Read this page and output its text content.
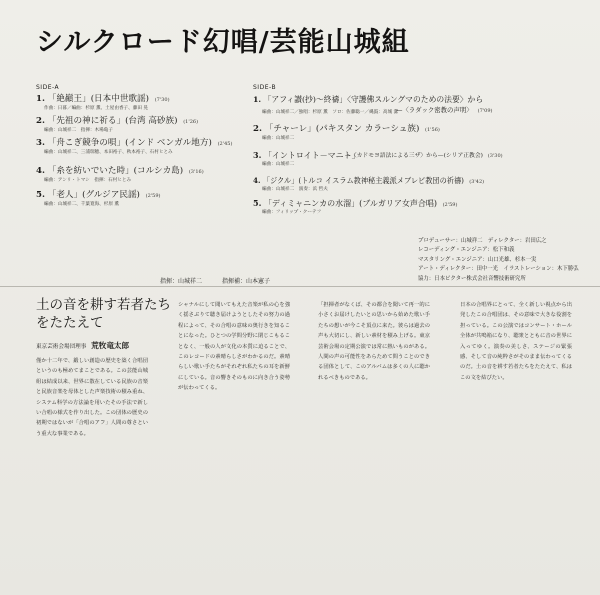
シルクロード幻唱/芸能山城組
SIDE-A
1. 「絶巓王」(日本中世歌謡) (7'30)
作曲：日暮／編曲：杉原 薫、土屋由香子、藤田 晃
2. 「先祖の神に祈る」(台湾 高砂族) (1'26)
編曲：山城祥二　指揮：木場亀子
3. 「舟こぎ競争の唄」(インド ベンガル地方) (2'45)
編曲：山城祥二、三浦瑞穂、本田裕子、秋本裕子、石村ヒとみ
4. 「糸を紡いでいた時」(コルシカ島) (3'16)
編曲：アンリ・トマシ　指揮：石村ヒとみ
5. 「老人」(グルジア民謡) (2'59)
編曲：山城祥二、千葉寛海、杉原 薫
SIDE-B
1. 「アフィ讃(抄)〜終禱」〈守護佛スルングマのための法要〉から
—〈ラダック密教の声明〉 (7'09)
編曲：山城祥二／独唱：杉原 薫　ソロ：佐藤聡一／縄鼓：高城 潔
2. 「チャーレ」(パキスタン カラーシュ族) (1'56)
編曲：山城祥二
3. 「イントロイト－マニト」
—〈カドモヨ語法による三ザ〉から—(シリア正教会) (3'30)
編曲：山城祥二
4. 「ジクル」(トルコ イスラム教神秘主義派メブレビ教団の祈禱) (3'42)
編曲：山城祥二　演奏：浜 哲夫
5. 「ディミャニンカの水溜」(ブルガリア女声合唱) (2'59)
編曲：フィリップ・クーテフ
プロデューサー：山城祥二　ディレクター：岩田広之
レコーディング・エンジニア：松下和義
マスタリング・エンジニア：山口光雄、杉本一実
アート・ディレクター：田中一光　イラストレーション：木下勝弘
協力：日本ビクター株式会社音響技術研究所
指揮：山城祥二	指揮補：山本憲子
土の音を耕す若者たち
をたたえて
東京芸術会場団理事 荒牧竜太郎
僅か十二年で、鍛しい創造の歴史を築く合唱団というのも極めてまことである。この芸能山城組は結成以来、世界に散在している民族の音楽と民族音楽を母体とした声楽技術の積み重ね、システム科学の方法論を用いたその手法で新しい合唱の様式を作り出した。この団体の歴史の初期ではないが「合唱のアフ」人間の尊さという重大な事業である。
シャナルにして聞いてもえた音楽が私の心を強く揺さぶりて聴き届けようとしたその努力の過程によって、その合唱の意味の奥行きを知ることになった。ひとつの学問分野に閉じこもることなく、一般の人が文化の本質に迫ることで、このレコードの素晴らしさがわかるのだ。素晴らしい歌い手たちがそれぞれ私たちの耳を新鮮にしている。音の響きそのものに向き合う姿勢が伝わってくる。
「担揮者がなくば、その都合を聞いて再一的に小さくお届けしたいとの思いから始めた歌い手たちの想いが今こそ頂点に来た。彼らは過去の声も大切にし、新しい素材を積み上げる。東京芸術会場の定期公演では常に熱いものがある。人間の声の可能性をあらためて問うことのできる団体として、このアルバムは多くの人に聴かれるべきものである。
日本の合唱界にとって、全く新しい視点から出発したこの合唱団は、その意味で大きな役割を担っている。この公演ではコンサート・ホール全体が共鳴箱になり、聴衆とともに音の世界に入ってゆく。演奏の美しさ、ステージの緊張感、そして音の純粋さがそのまま伝わってくるのだ。土の音を耕す若者たちをたたえて、私はこの文を結びたい。
